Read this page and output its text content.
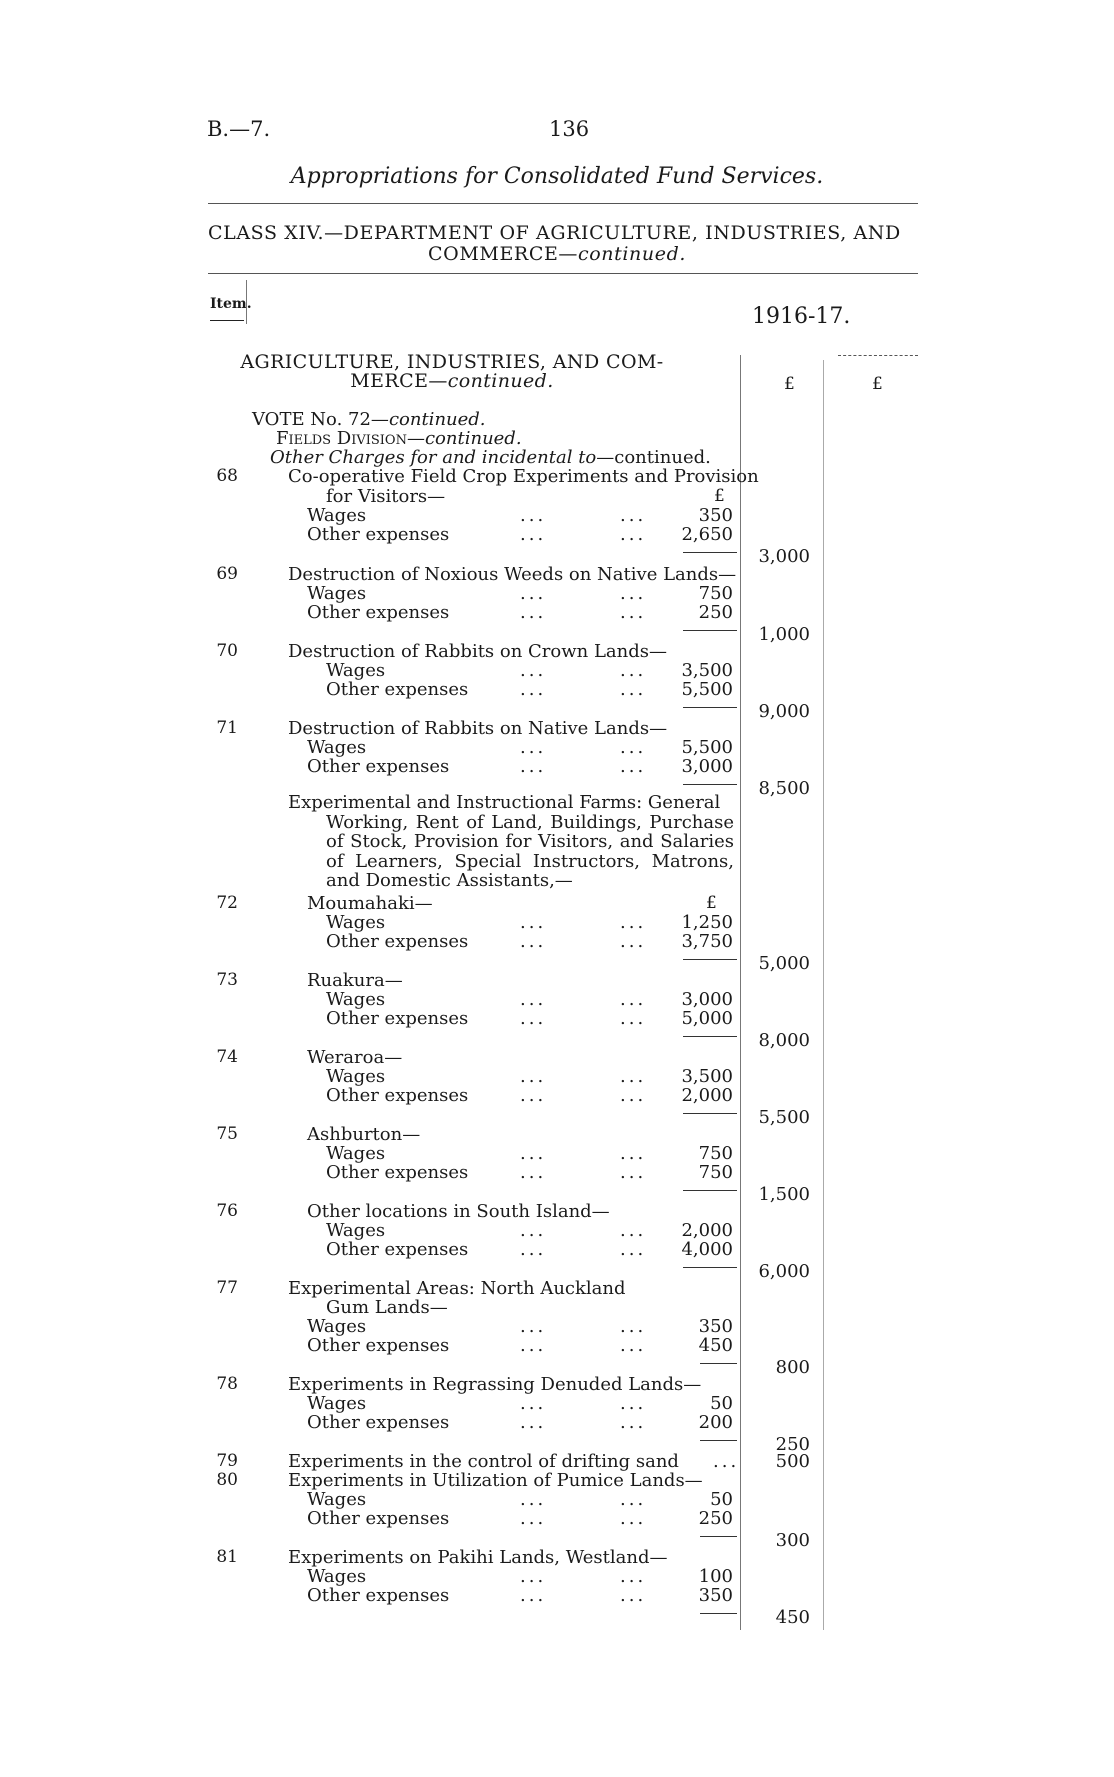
B.—7.	136
Appropriations for Consolidated Fund Services.
CLASS XIV.—DEPARTMENT OF AGRICULTURE, INDUSTRIES, AND
COMMERCE—continued.
Item.	1916-17.
AGRICULTURE, INDUSTRIES, AND COM-
MERCE—continued.	£	£
VOTE No. 72—continued.
Fields Division—continued.
Other Charges for and incidental to—continued.
68	Co-operative Field Crop Experiments and Provision
for Visitors—	£
Wages	...	...	350
Other expenses	...	...	2,650
3,000
69	Destruction of Noxious Weeds on Native Lands—
Wages	...	...	750
Other expenses	...	...	250
1,000
70	Destruction of Rabbits on Crown Lands—
Wages	...	...	3,500
Other expenses	...	...	5,500
9,000
71	Destruction of Rabbits on Native Lands—
Wages	...	...	5,500
Other expenses	...	...	3,000
8,500
Experimental and Instructional Farms: General
Working, Rent of Land, Buildings, Purchase of Stock, Provision for Visitors, and Salaries of Learners, Special Instructors, Matrons, and Domestic Assistants,—
72	Moumahaki—	£
Wages	...	...	1,250
Other expenses	...	...	3,750
5,000
73	Ruakura—
Wages	...	...	3,000
Other expenses	...	...	5,000
8,000
74	Weraroa—
Wages	...	...	3,500
Other expenses	...	...	2,000
5,500
75	Ashburton—
Wages	...	...	750
Other expenses	...	...	750
1,500
76	Other locations in South Island—
Wages	...	...	2,000
Other expenses	...	...	4,000
6,000
77	Experimental Areas: North Auckland
Gum Lands—
Wages	...	...	350
Other expenses	...	...	450
800
78	Experiments in Regrassing Denuded Lands—
Wages	...	...	50
Other expenses	...	...	200
250
79	Experiments in the control of drifting sand ...	500
80	Experiments in Utilization of Pumice Lands—
Wages	...	...	50
Other expenses	...	...	250
300
81	Experiments on Pakihi Lands, Westland—
Wages	...	...	100
Other expenses	...	...	350
450
